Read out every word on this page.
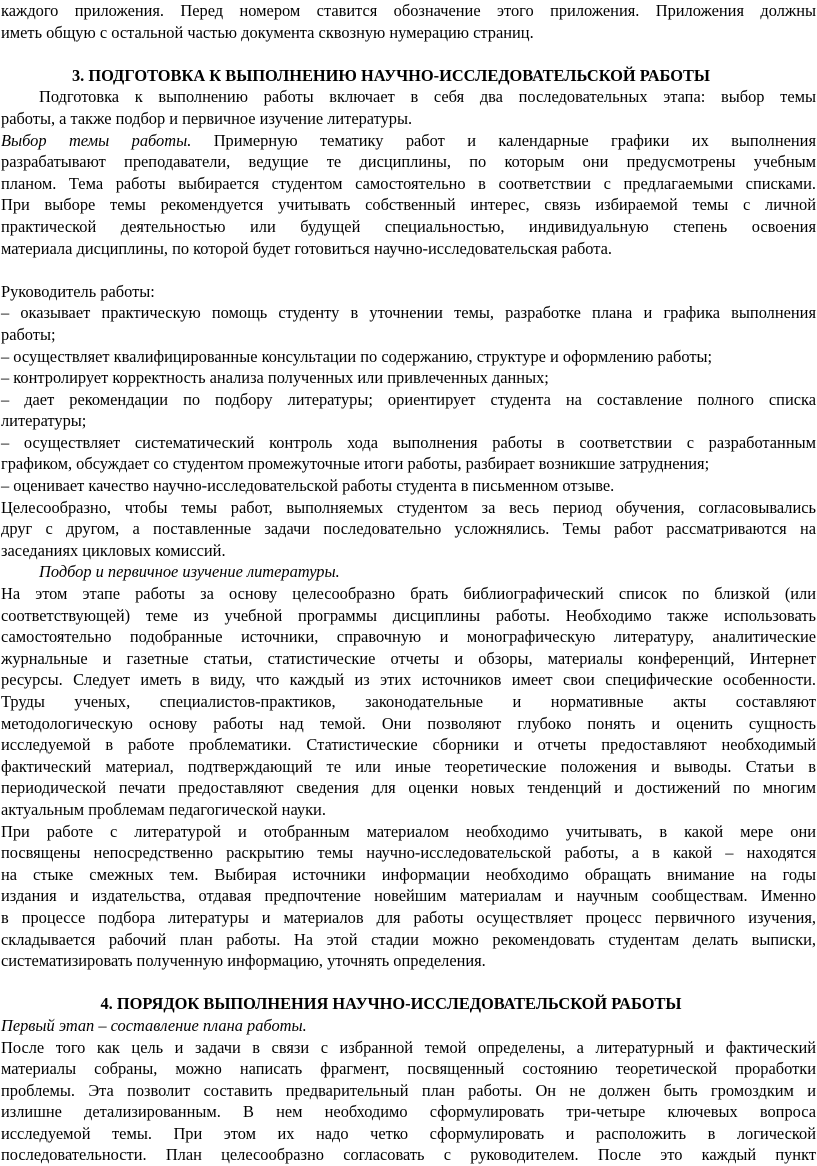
каждого приложения. Перед номером ставится обозначение этого приложения. Приложения должны
иметь общую с остальной частью документа сквозную нумерацию страниц.
3. ПОДГОТОВКА К ВЫПОЛНЕНИЮ НАУЧНО-ИССЛЕДОВАТЕЛЬСКОЙ РАБОТЫ
Подготовка к выполнению работы включает в себя два последовательных этапа: выбор темы
работы, а также подбор и первичное изучение литературы.
Выбор темы работы. Примерную тематику работ и календарные графики их выполнения
разрабатывают преподаватели, ведущие те дисциплины, по которым они предусмотрены учебным
планом. Тема работы выбирается студентом самостоятельно в соответствии с предлагаемыми списками.
При выборе темы рекомендуется учитывать собственный интерес, связь избираемой темы с личной
практической деятельностью или будущей специальностью, индивидуальную степень освоения
материала дисциплины, по которой будет готовиться научно-исследовательская работа.
Руководитель работы:
– оказывает практическую помощь студенту в уточнении темы, разработке плана и графика выполнения
работы;
– осуществляет квалифицированные консультации по содержанию, структуре и оформлению работы;
– контролирует корректность анализа полученных или привлеченных данных;
– дает рекомендации по подбору литературы; ориентирует студента на составление полного списка
литературы;
– осуществляет систематический контроль хода выполнения работы в соответствии с разработанным
графиком, обсуждает со студентом промежуточные итоги работы, разбирает возникшие затруднения;
– оценивает качество научно-исследовательской работы студента в письменном отзыве.
Целесообразно, чтобы темы работ, выполняемых студентом за весь период обучения, согласовывались
друг с другом, а поставленные задачи последовательно усложнялись. Темы работ рассматриваются на
заседаниях цикловых комиссий.
Подбор и первичное изучение литературы.
На этом этапе работы за основу целесообразно брать библиографический список по близкой (или
соответствующей) теме из учебной программы дисциплины работы. Необходимо также использовать
самостоятельно подобранные источники, справочную и монографическую литературу, аналитические
журнальные и газетные статьи, статистические отчеты и обзоры, материалы конференций, Интернет
ресурсы. Следует иметь в виду, что каждый из этих источников имеет свои специфические особенности.
Труды ученых, специалистов-практиков, законодательные и нормативные акты составляют
методологическую основу работы над темой. Они позволяют глубоко понять и оценить сущность
исследуемой в работе проблематики. Статистические сборники и отчеты предоставляют необходимый
фактический материал, подтверждающий те или иные теоретические положения и выводы. Статьи в
периодической печати предоставляют сведения для оценки новых тенденций и достижений по многим
актуальным проблемам педагогической науки.
При работе с литературой и отобранным материалом необходимо учитывать, в какой мере они
посвящены непосредственно раскрытию темы научно-исследовательской работы, а в какой – находятся
на стыке смежных тем. Выбирая источники информации необходимо обращать внимание на годы
издания и издательства, отдавая предпочтение новейшим материалам и научным сообществам. Именно
в процессе подбора литературы и материалов для работы осуществляет процесс первичного изучения,
складывается рабочий план работы. На этой стадии можно рекомендовать студентам делать выписки,
систематизировать полученную информацию, уточнять определения.
4. ПОРЯДОК ВЫПОЛНЕНИЯ НАУЧНО-ИССЛЕДОВАТЕЛЬСКОЙ РАБОТЫ
Первый этап – составление плана работы.
После того как цель и задачи в связи с избранной темой определены, а литературный и фактический
материалы собраны, можно написать фрагмент, посвященный состоянию теоретической проработки
проблемы. Эта позволит составить предварительный план работы. Он не должен быть громоздким и
излишне детализированным. В нем необходимо сформулировать три-четыре ключевых вопроса
исследуемой темы. При этом их надо четко сформулировать и расположить в логической
последовательности. План целесообразно согласовать с руководителем. После это каждый пункт
